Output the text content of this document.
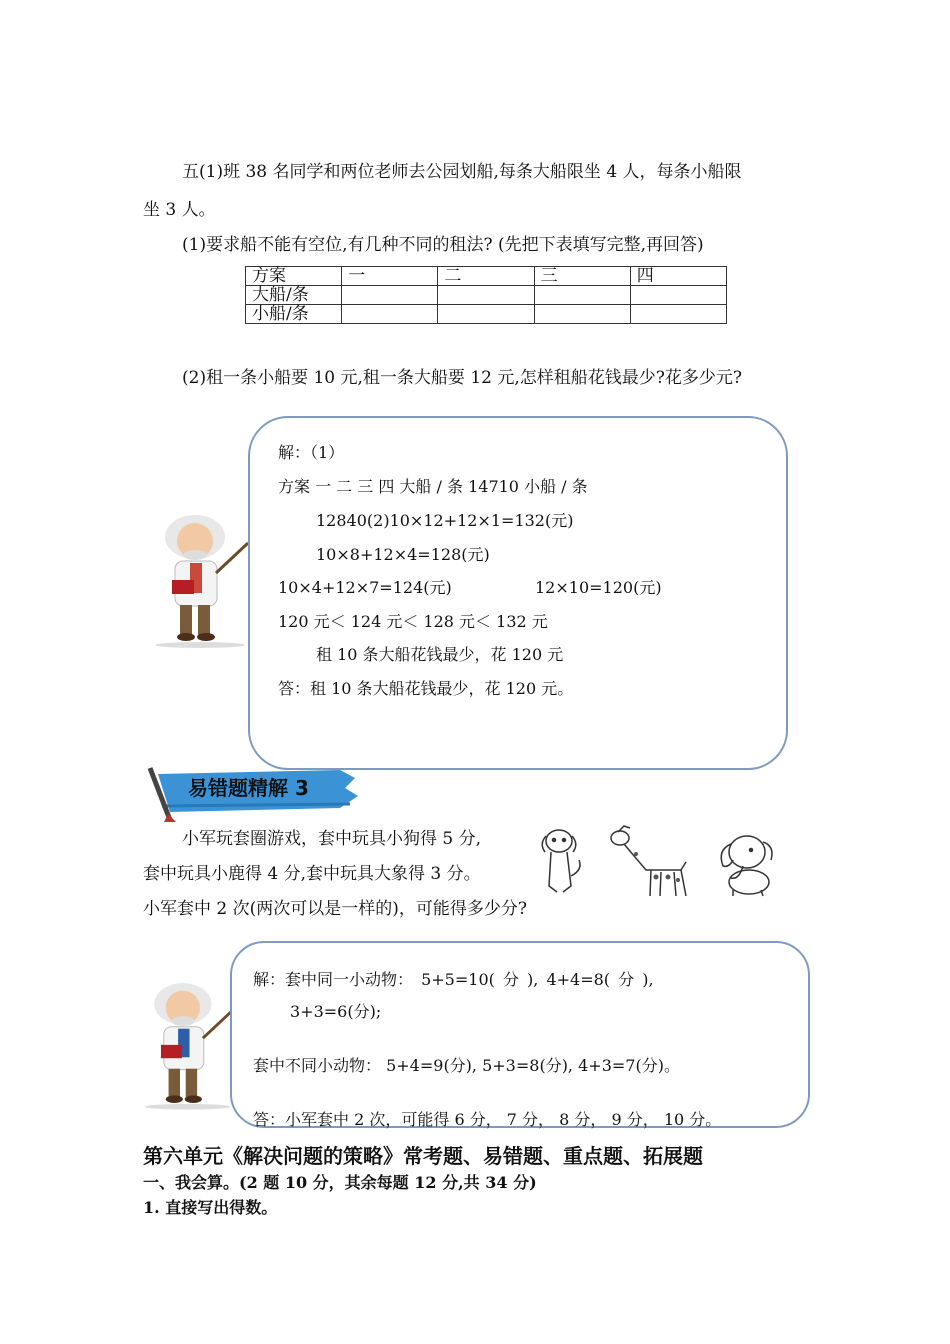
五(1)班 38 名同学和两位老师去公园划船,每条大船限坐 4 人，每条小船限
坐 3 人。
(1)要求船不能有空位,有几种不同的租法? (先把下表填写完整,再回答)
方案	一	二	三	四
大船/条				
小船/条				
(2)租一条小船要 10 元,租一条大船要 12 元,怎样租船花钱最少?花多少元?
解：（1）
方案 一 二 三 四 大船 / 条 14710 小船 / 条
12840(2)10×12+12×1=132(元)
10×8+12×4=128(元)
10×4+12×7=124(元)	12×10=120(元)
120 元＜ 124 元＜ 128 元＜ 132 元
租 10 条大船花钱最少，花 120 元
答：租 10 条大船花钱最少，花 120 元。
易错题精解 3
小军玩套圈游戏，套中玩具小狗得 5 分,
套中玩具小鹿得 4 分,套中玩具大象得 3 分。
小军套中 2 次(两次可以是一样的)，可能得多少分?
解：套中同一小动物： 5+5=10( 分 ), 4+4=8( 分 ),
3+3=6(分);
套中不同小动物： 5+4=9(分), 5+3=8(分), 4+3=7(分)。
答：小军套中 2 次，可能得 6 分， 7 分， 8 分， 9 分， 10 分。
第六单元《解决问题的策略》常考题、易错题、重点题、拓展题
一、我会算。(2 题 10 分，其余每题 12 分,共 34 分)
1. 直接写出得数。
